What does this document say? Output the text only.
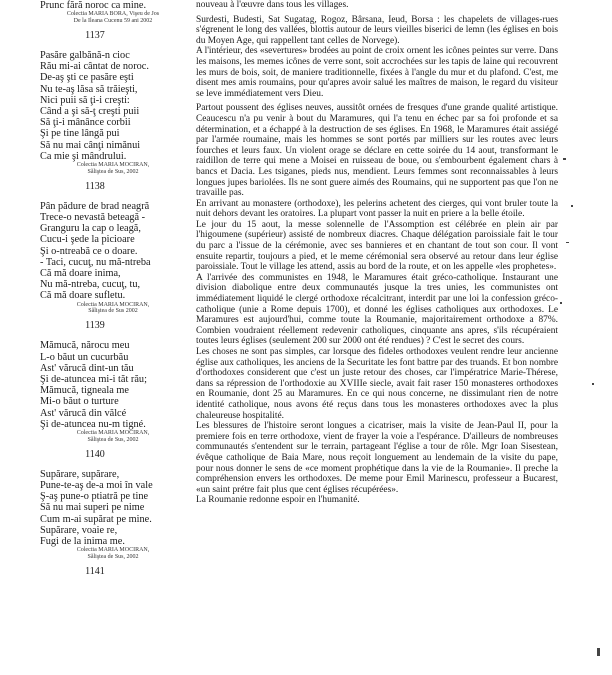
Prunc fără noroc ca mine.
Colectia MARIA BORA, Vişeu de Jos
De la Ileana Cucenu 59 ani 2002
1137
Pasăre galbănă-n cioc
Rău mi-ai cântat de noroc.
De-aş şti ce pasăre eşti
Nu te-aş lăsa să trăieşti,
Nici puii să ţi-i creşti:
Când a şi să-ţ creşti puii
Să ţi-i mânânce corbii
Şi pe tine lângă pui
Să nu mai cânţi nimănui
Ca mie şi mândrului.
Colectia MARIA MOCIRAN,
Săliştea de Sus, 2002
1138
Pân pădure de brad neagră
Trece-o nevastă beteagă -
Granguru la cap o leagă,
Cucu-i şede la picioare
Şi o-ntreabă ce o doare.
- Taci, cucuţ, nu mă-ntreba
Că mă doare inima,
Nu mă-ntreba, cucuţ, tu,
Că mă doare sufletu.
Colectia MARIA MOCIRAN,
Săliştea de Sus 2002
1139
Mămucă, nărocu meu
L-o băut un cucurbău
Ast' vărucă dint-un tău
Şi de-atuncea mi-i tăt rău;
Mămucă, tigneala me
Mi-o băut o turture
Ast' vărucă din vălcé
Şi de-atuncea nu-m tigné.
Colectia MARIA MOCIRAN,
Săliştea de Sus, 2002
1140
Supărare, supărare,
Pune-te-aş de-a moi în vale
Ş-aş pune-o ptiatră pe tine
Să nu mai superi pe nime
Cum m-ai supărat pe mine.
Supărare, voaie re,
Fugi de la inima me.
Colectia MARIA MOCIRAN,
Săliştea de Sus, 2002
1141

nouveau à l'œuvre dans tous les villages.

Surdesti, Budesti, Sat Sugatag, Rogoz, Bârsana, Ieud, Borsa : les chapelets de villages-rues s'égrenent le long des vallées, blottis autour de leurs vieilles biserici de lemn (les églises en bois du Moyen Age, qui rappellent tant celles de Norvege).

A l'intérieur, des «severtures» brodées au point de croix ornent les icônes peintes sur verre. Dans les maisons, les memes icônes de verre sont, soit accrochées sur les tapis de laine qui recouvrent les murs de bois, soit, de maniere traditionnelle, fixées à l'angle du mur et du plafond. C'est, me disent mes amis roumains, pour qu'apres avoir salué les maîtres de maison, le regard du visiteur se leve immédiatement vers Dieu.

Partout poussent des églises neuves, aussitôt ornées de fresques d'une grande qualité artistique. Ceaucescu n'a pu venir à bout du Maramures, qui l'a tenu en échec par sa foi profonde et sa détermination, et a échappé à la destruction de ses églises. En 1968, le Maramures était assiégé par l'armée roumaine, mais les hommes se sont portés par milliers sur les routes avec leurs fourches et leurs faux. Un violent orage se déclare en cette soirée du 14 aout, transformant le raidillon de terre qui mene a Moisei en ruisseau de boue, ou s'embourbent également chars à bancs et Dacia. Les tsiganes, pieds nus, mendient. Leurs femmes sont reconnaissables à leurs longues jupes bariolées. Ils ne sont guere aimés des Roumains, qui ne supportent pas que l'on ne travaille pas.

En arrivant au monastere (orthodoxe), les pelerins achetent des cierges, qui vont bruler toute la nuit dehors devant les oratoires. La plupart vont passer la nuit en priere a la belle étoile.

Le jour du 15 aout, la messe solennelle de l'Assomption est célébrée en plein air par l'higoumene (supérieur) assisté de nombreux diacres. Chaque délégation paroissiale fait le tour du parc a l'issue de la cérémonie, avec ses bannieres et en chantant de tout son cour. Il vont ensuite repartir, toujours a pied, et le meme cérémonial sera observé au retour dans leur église paroissiale. Tout le village les attend, assis au bord de la route, et on les appelle «les prophetes».

A l'arrivée des communistes en 1948, le Maramures était gréco-catholique. Instaurant une division diabolique entre deux communautés jusque la tres unies, les communistes ont immédiatement liquidé le clergé orthodoxe récalcitrant, interdit par une loi la confession gréco-catholique (unie a Rome depuis 1700), et donné les églises catholiques aux orthodoxes. Le Maramures est aujourd'hui, comme toute la Roumanie, majoritairement orthodoxe a 87%. Combien voudraient réellement redevenir catholiques, cinquante ans apres, s'ils récupéraient toutes leurs églises (seulement 200 sur 2000 ont été rendues) ? C'est le secret des cours.

Les choses ne sont pas simples, car lorsque des fideles orthodoxes veulent rendre leur ancienne église aux catholiques, les anciens de la Securitate les font battre par des truands. Et bon nombre d'orthodoxes considerent que c'est un juste retour des choses, car l'impératrice Marie-Thérese, dans sa répression de l'orthodoxie au XVIIIe siecle, avait fait raser 150 monasteres orthodoxes en Roumanie, dont 25 au Maramures. En ce qui nous concerne, ne dissimulant rien de notre identité catholique, nous avons été reçus dans tous les monasteres orthodoxes avec la plus chaleureuse hospitalité.

Les blessures de l'histoire seront longues a cicatriser, mais la visite de Jean-Paul II, pour la premiere fois en terre orthodoxe, vient de frayer la voie a l'espérance. D'ailleurs de nombreuses communautés s'entendent sur le terrain, partageant l'église a tour de rôle. Mgr Ioan Sisestean, évêque catholique de Baia Mare, nous reçoit longuement au lendemain de la visite du pape, pour nous donner le sens de «ce moment prophétique dans la vie de la Roumanie». Il preche la compréhension envers les orthodoxes. De meme pour Emil Marinescu, professeur a Bucarest, «un saint prétre fait plus que cent églises récupérées».

La Roumanie redonne espoir en l'humanité.
